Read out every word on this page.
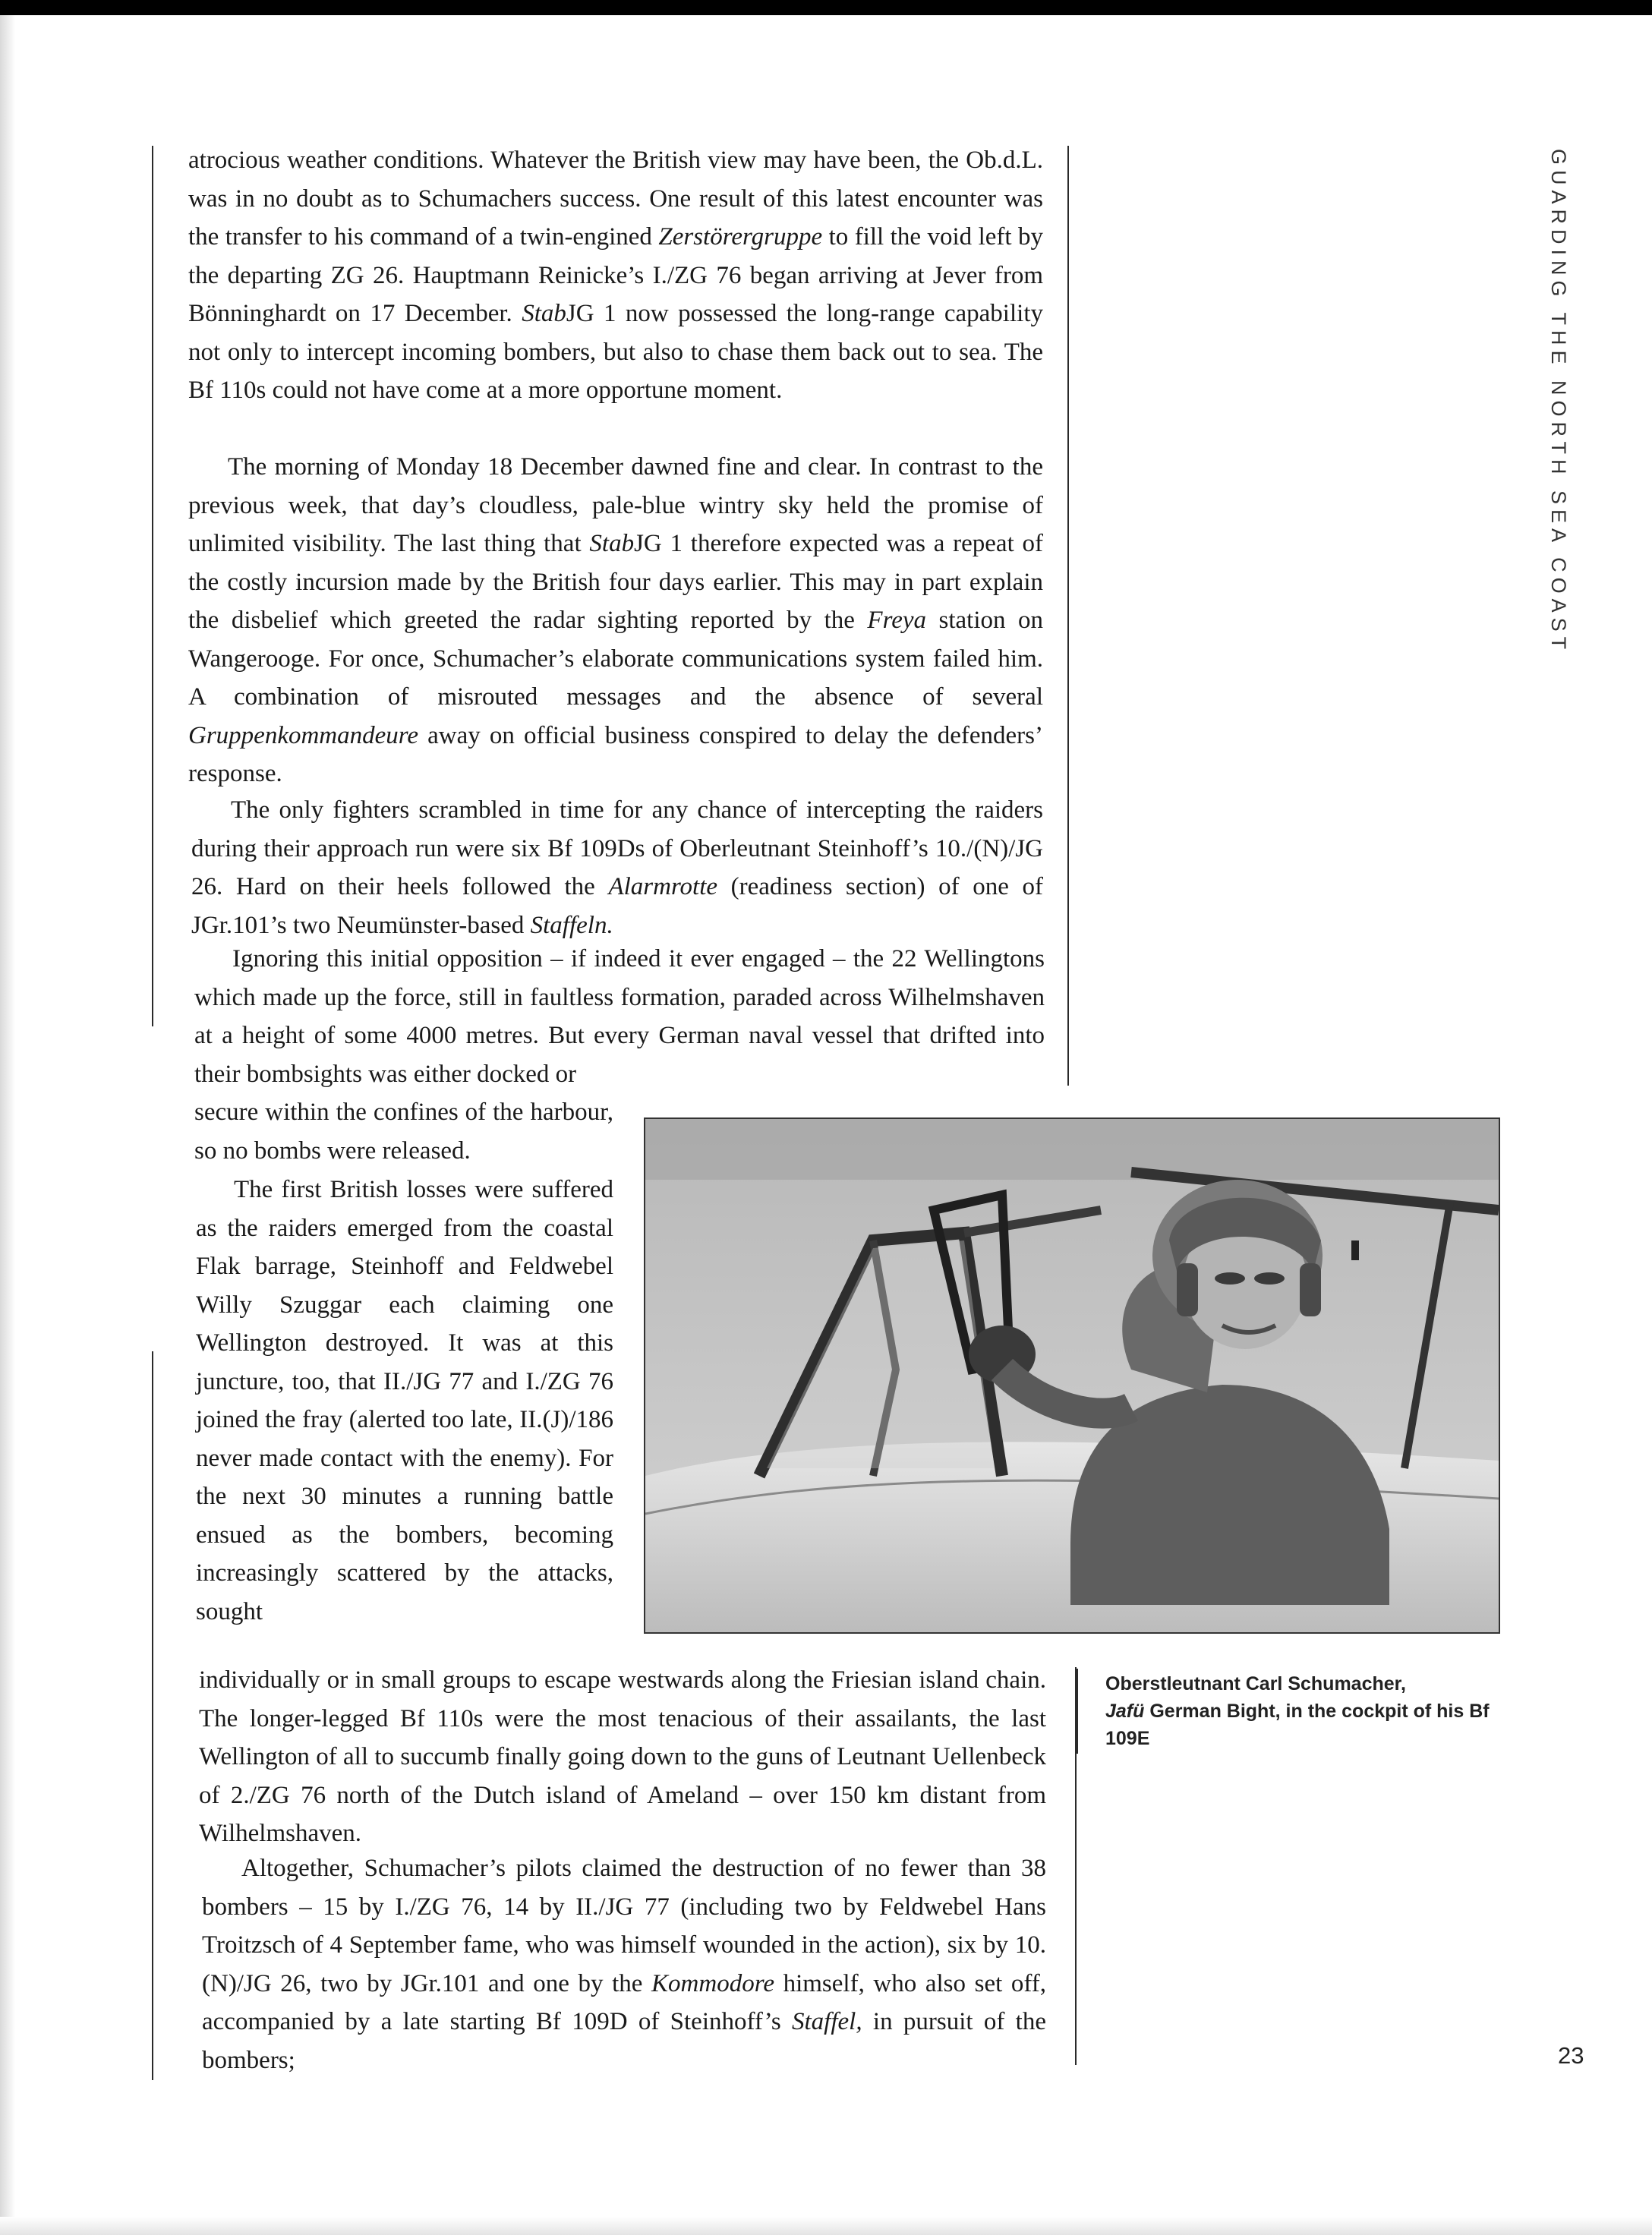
atrocious weather conditions. Whatever the British view may have been, the Ob.d.L. was in no doubt as to Schumachers success. One result of this latest encounter was the transfer to his command of a twin-engined Zerstörergruppe to fill the void left by the departing ZG 26. Hauptmann Reinicke’s I./ZG 76 began arriving at Jever from Bönninghardt on 17 December. StabJG 1 now possessed the long-range capability not only to intercept incoming bombers, but also to chase them back out to sea. The Bf 110s could not have come at a more opportune moment.

The morning of Monday 18 December dawned fine and clear. In contrast to the previous week, that day’s cloudless, pale-blue wintry sky held the promise of unlimited visibility. The last thing that StabJG 1 therefore expected was a repeat of the costly incursion made by the British four days earlier. This may in part explain the disbelief which greeted the radar sighting reported by the Freya station on Wangerooge. For once, Schumacher’s elaborate communications system failed him. A combination of misrouted messages and the absence of several Gruppenkommandeure away on official business conspired to delay the defenders’ response.

The only fighters scrambled in time for any chance of intercepting the raiders during their approach run were six Bf 109Ds of Oberleutnant Steinhoff’s 10./(N)/JG 26. Hard on their heels followed the Alarmrotte (readiness section) of one of JGr.101’s two Neumünster-based Staffeln.

Ignoring this initial opposition – if indeed it ever engaged – the 22 Wellingtons which made up the force, still in faultless formation, paraded across Wilhelmshaven at a height of some 4000 metres. But every German naval vessel that drifted into their bombsights was either docked or

secure within the confines of the harbour, so no bombs were released.

The first British losses were suffered as the raiders emerged from the coastal Flak barrage, Steinhoff and Feldwebel Willy Szuggar each claiming one Wellington destroyed. It was at this juncture, too, that II./JG 77 and I./ZG 76 joined the fray (alerted too late, II.(J)/186 never made contact with the enemy). For the next 30 minutes a running battle ensued as the bombers, becoming increasingly scattered by the attacks, sought

individually or in small groups to escape westwards along the Friesian island chain. The longer-legged Bf 110s were the most tenacious of their assailants, the last Wellington of all to succumb finally going down to the guns of Leutnant Uellenbeck of 2./ZG 76 north of the Dutch island of Ameland – over 150 km distant from Wilhelmshaven.

Altogether, Schumacher’s pilots claimed the destruction of no fewer than 38 bombers – 15 by I./ZG 76, 14 by II./JG 77 (including two by Feldwebel Hans Troitzsch of 4 September fame, who was himself wounded in the action), six by 10.(N)/JG 26, two by JGr.101 and one by the Kommodore himself, who also set off, accompanied by a late starting Bf 109D of Steinhoff’s Staffel, in pursuit of the bombers;

Oberstleutnant Carl Schumacher,
Jafü German Bight, in the cockpit of his Bf 109E
GUARDING THE NORTH SEA COAST
23
